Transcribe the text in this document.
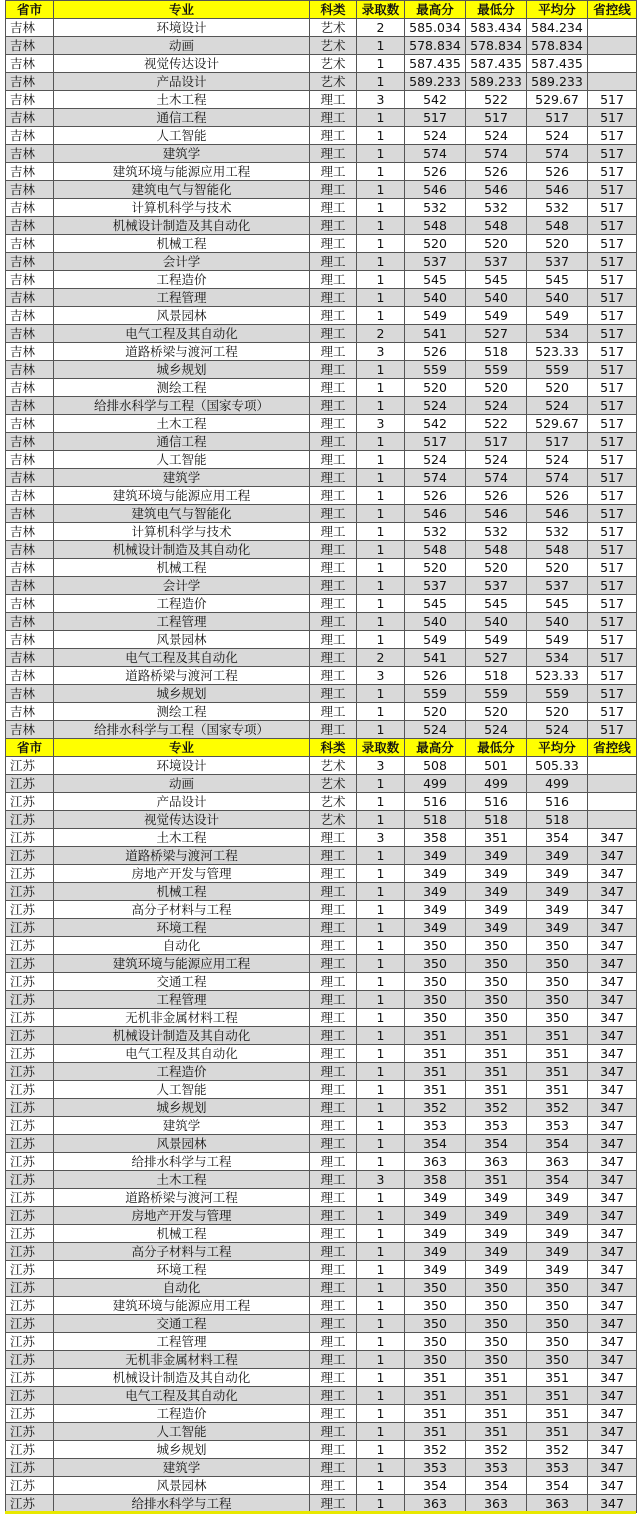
省市	专业	科类	录取数	最高分	最低分	平均分	省控线
吉林	环境设计	艺术	2	585.034	583.434	584.234	
吉林	动画	艺术	1	578.834	578.834	578.834	
吉林	视觉传达设计	艺术	1	587.435	587.435	587.435	
吉林	产品设计	艺术	1	589.233	589.233	589.233	
吉林	土木工程	理工	3	542	522	529.67	517
吉林	通信工程	理工	1	517	517	517	517
吉林	人工智能	理工	1	524	524	524	517
吉林	建筑学	理工	1	574	574	574	517
吉林	建筑环境与能源应用工程	理工	1	526	526	526	517
吉林	建筑电气与智能化	理工	1	546	546	546	517
吉林	计算机科学与技术	理工	1	532	532	532	517
吉林	机械设计制造及其自动化	理工	1	548	548	548	517
吉林	机械工程	理工	1	520	520	520	517
吉林	会计学	理工	1	537	537	537	517
吉林	工程造价	理工	1	545	545	545	517
吉林	工程管理	理工	1	540	540	540	517
吉林	风景园林	理工	1	549	549	549	517
吉林	电气工程及其自动化	理工	2	541	527	534	517
吉林	道路桥梁与渡河工程	理工	3	526	518	523.33	517
吉林	城乡规划	理工	1	559	559	559	517
吉林	测绘工程	理工	1	520	520	520	517
吉林	给排水科学与工程（国家专项）	理工	1	524	524	524	517
吉林	土木工程	理工	3	542	522	529.67	517
吉林	通信工程	理工	1	517	517	517	517
吉林	人工智能	理工	1	524	524	524	517
吉林	建筑学	理工	1	574	574	574	517
吉林	建筑环境与能源应用工程	理工	1	526	526	526	517
吉林	建筑电气与智能化	理工	1	546	546	546	517
吉林	计算机科学与技术	理工	1	532	532	532	517
吉林	机械设计制造及其自动化	理工	1	548	548	548	517
吉林	机械工程	理工	1	520	520	520	517
吉林	会计学	理工	1	537	537	537	517
吉林	工程造价	理工	1	545	545	545	517
吉林	工程管理	理工	1	540	540	540	517
吉林	风景园林	理工	1	549	549	549	517
吉林	电气工程及其自动化	理工	2	541	527	534	517
吉林	道路桥梁与渡河工程	理工	3	526	518	523.33	517
吉林	城乡规划	理工	1	559	559	559	517
吉林	测绘工程	理工	1	520	520	520	517
吉林	给排水科学与工程（国家专项）	理工	1	524	524	524	517
省市	专业	科类	录取数	最高分	最低分	平均分	省控线
江苏	环境设计	艺术	3	508	501	505.33	
江苏	动画	艺术	1	499	499	499	
江苏	产品设计	艺术	1	516	516	516	
江苏	视觉传达设计	艺术	1	518	518	518	
江苏	土木工程	理工	3	358	351	354	347
江苏	道路桥梁与渡河工程	理工	1	349	349	349	347
江苏	房地产开发与管理	理工	1	349	349	349	347
江苏	机械工程	理工	1	349	349	349	347
江苏	高分子材料与工程	理工	1	349	349	349	347
江苏	环境工程	理工	1	349	349	349	347
江苏	自动化	理工	1	350	350	350	347
江苏	建筑环境与能源应用工程	理工	1	350	350	350	347
江苏	交通工程	理工	1	350	350	350	347
江苏	工程管理	理工	1	350	350	350	347
江苏	无机非金属材料工程	理工	1	350	350	350	347
江苏	机械设计制造及其自动化	理工	1	351	351	351	347
江苏	电气工程及其自动化	理工	1	351	351	351	347
江苏	工程造价	理工	1	351	351	351	347
江苏	人工智能	理工	1	351	351	351	347
江苏	城乡规划	理工	1	352	352	352	347
江苏	建筑学	理工	1	353	353	353	347
江苏	风景园林	理工	1	354	354	354	347
江苏	给排水科学与工程	理工	1	363	363	363	347
江苏	土木工程	理工	3	358	351	354	347
江苏	道路桥梁与渡河工程	理工	1	349	349	349	347
江苏	房地产开发与管理	理工	1	349	349	349	347
江苏	机械工程	理工	1	349	349	349	347
江苏	高分子材料与工程	理工	1	349	349	349	347
江苏	环境工程	理工	1	349	349	349	347
江苏	自动化	理工	1	350	350	350	347
江苏	建筑环境与能源应用工程	理工	1	350	350	350	347
江苏	交通工程	理工	1	350	350	350	347
江苏	工程管理	理工	1	350	350	350	347
江苏	无机非金属材料工程	理工	1	350	350	350	347
江苏	机械设计制造及其自动化	理工	1	351	351	351	347
江苏	电气工程及其自动化	理工	1	351	351	351	347
江苏	工程造价	理工	1	351	351	351	347
江苏	人工智能	理工	1	351	351	351	347
江苏	城乡规划	理工	1	352	352	352	347
江苏	建筑学	理工	1	353	353	353	347
江苏	风景园林	理工	1	354	354	354	347
江苏	给排水科学与工程	理工	1	363	363	363	347
